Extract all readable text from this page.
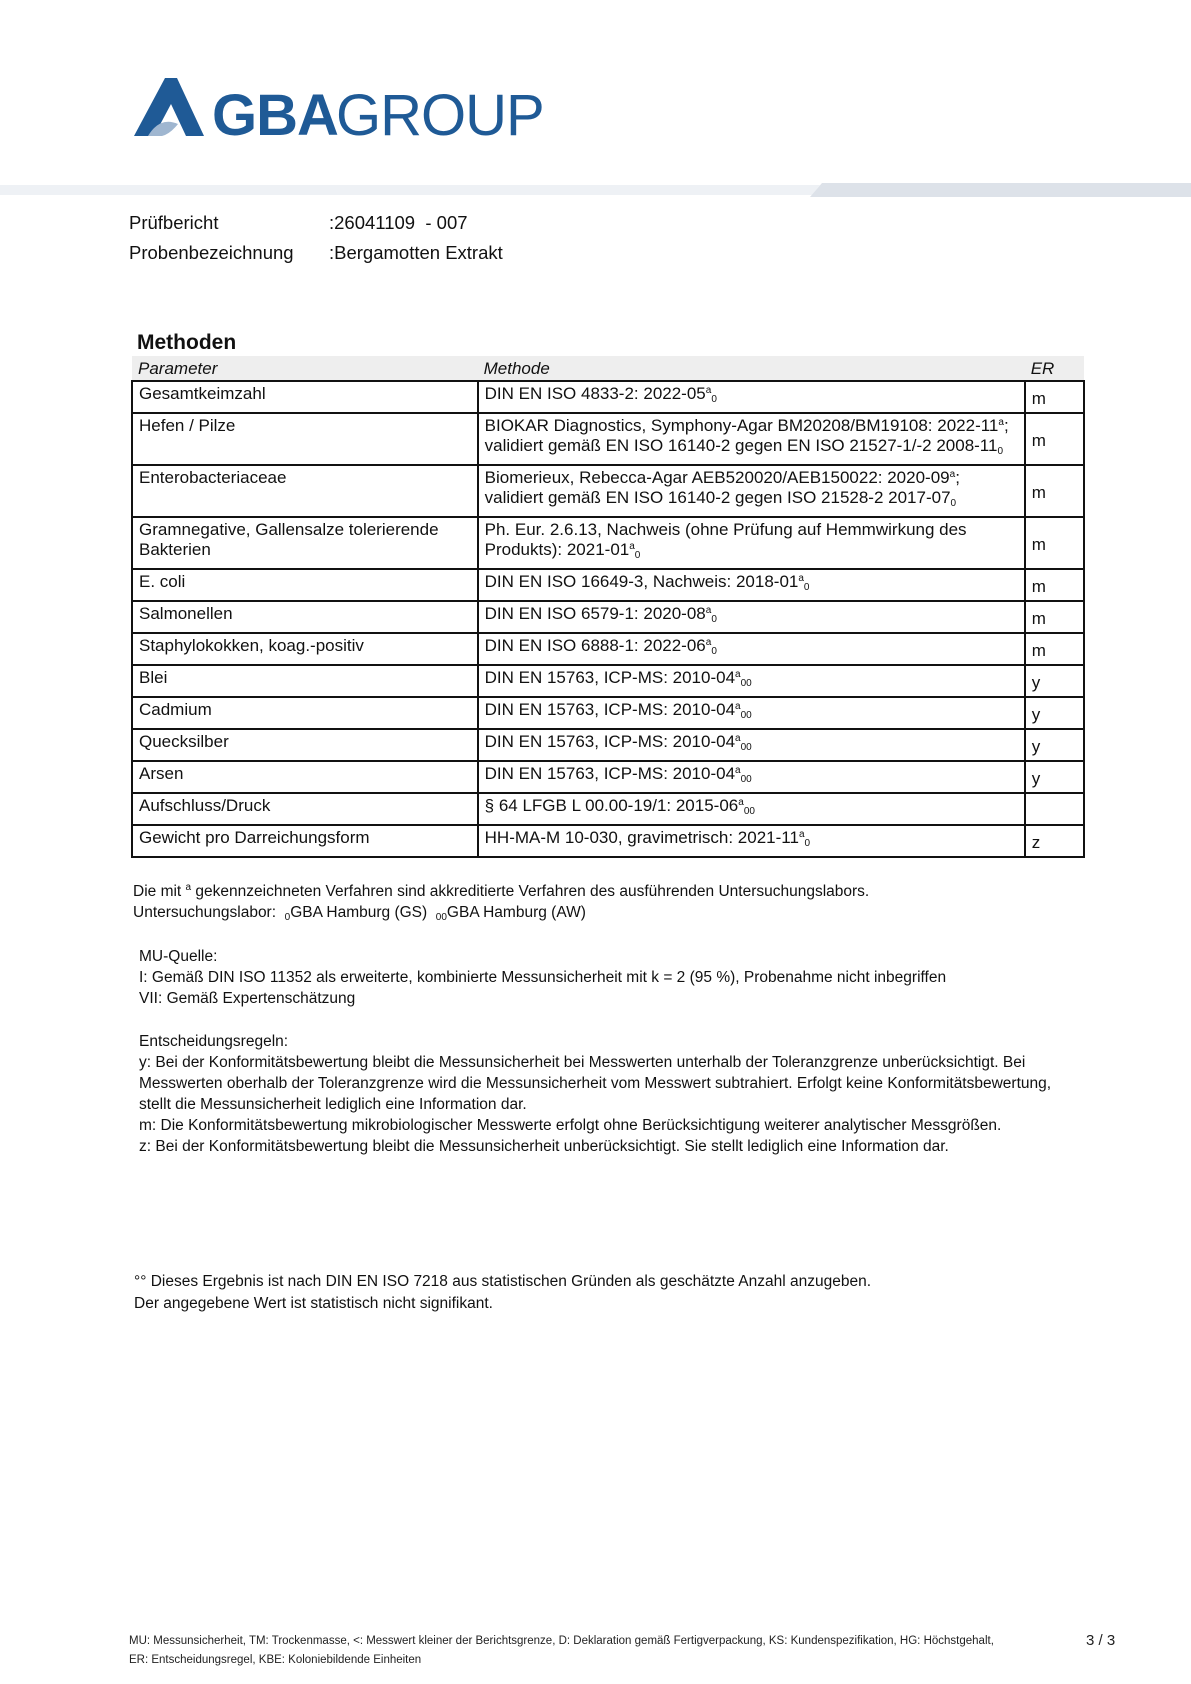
GBA
GROUP
Prüfbericht	:26041109  - 007
Probenbezeichnung	:Bergamotten Extrakt
Methoden
Parameter	Methode	ER
Gesamtkeimzahl	DIN EN ISO 4833-2: $2022-05^a_0$	m
Hefen / Pilze	BIOKAR Diagnostics, Symphony-Agar BM20208/BM19108: 2022-11$^a$; validiert gemäß EN ISO 16140-2 gegen EN ISO 21527-1/-2 $2008-11_0$	m
Enterobacteriaceae	Biomerieux, Rebecca-Agar AEB520020/AEB150022: 2020-09$^a$; validiert gemäß EN ISO 16140-2 gegen ISO 21528-2 $2017-07_0$	m
Gramnegative, Gallensalze tolerierende Bakterien	Ph. Eur. 2.6.13, Nachweis (ohne Prüfung auf Hemmwirkung des Produkts): $2021-01^a_0$	m
E. coli	DIN EN ISO 16649-3, Nachweis: $2018-01^a_0$	m
Salmonellen	DIN EN ISO 6579-1: $2020-08^a_0$	m
Staphylokokken, koag.-positiv	DIN EN ISO 6888-1: $2022-06^a_0$	m
Blei	DIN EN 15763, ICP-MS: $2010-04^a_{00}$	y
Cadmium	DIN EN 15763, ICP-MS: $2010-04^a_{00}$	y
Quecksilber	DIN EN 15763, ICP-MS: $2010-04^a_{00}$	y
Arsen	DIN EN 15763, ICP-MS: $2010-04^a_{00}$	y
Aufschluss/Druck	§ 64 LFGB L 00.00-19/1: $2015-06^a_{00}$	
Gewicht pro Darreichungsform	HH-MA-M 10-030, gravimetrisch: $2021-11^a_0$	z

Die mit $^a$ gekennzeichneten Verfahren sind akkreditierte Verfahren des ausführenden Untersuchungslabors.

Untersuchungslabor:  $_0$GBA Hamburg (GS)  $_{00}$GBA Hamburg (AW)

MU-Quelle:

I: Gemäß DIN ISO 11352 als erweiterte, kombinierte Messunsicherheit mit k = 2 (95 %), Probenahme nicht inbegriffen

VII: Gemäß Expertenschätzung

Entscheidungsregeln:

y: Bei der Konformitätsbewertung bleibt die Messunsicherheit bei Messwerten unterhalb der Toleranzgrenze unberücksichtigt. Bei Messwerten oberhalb der Toleranzgrenze wird die Messunsicherheit vom Messwert subtrahiert. Erfolgt keine Konformitätsbewertung, stellt die Messunsicherheit lediglich eine Information dar.

m: Die Konformitätsbewertung mikrobiologischer Messwerte erfolgt ohne Berücksichtigung weiterer analytischer Messgrößen.

z: Bei der Konformitätsbewertung bleibt die Messunsicherheit unberücksichtigt. Sie stellt lediglich eine Information dar.

°° Dieses Ergebnis ist nach DIN EN ISO 7218 aus statistischen Gründen als geschätzte Anzahl anzugeben.

Der angegebene Wert ist statistisch nicht signifikant.

MU: Messunsicherheit, TM: Trockenmasse, <: Messwert kleiner der Berichtsgrenze, D: Deklaration gemäß Fertigverpackung, KS: Kundenspezifikation, HG: Höchstgehalt,

ER: Entscheidungsregel, KBE: Koloniebildende Einheiten

3 / 3
